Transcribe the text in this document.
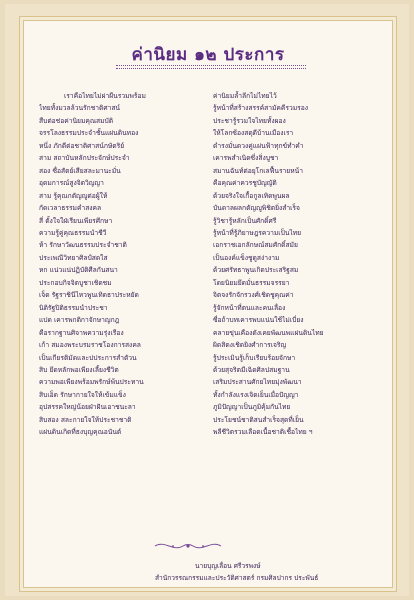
ค่านิยม ๑๒ ประการ
เราคือไทยไม่ผ่าผืนรวมพร้อม	ค่านิยมล้ำลึกไม่ไทยไว้
ไทยทั้งมวลล้วนรักชาติศาสน์	รู้หน้าที่สร้างสรรค์สามัคคีรวมรอง
สืบต่อช่อค่านิยมคุณสมบัติ	ประชารู้รวมใจไทยทั้งผอง
จรรโลงธรรมประจำชั้นแผ่นดินทอง	ให้โลกซ้องสดุดีบ้านเมืองเรา
หนึ่ง ภักดีต่อชาติศาสน์กษัตริย์	ดำรงมั่นดวงคู่แผ่นฟ้าทุกข์ทำคำ
สาม สถาบันหลักประจักษ์ประจำ	เคารพสำเนิดซึ่งสิ่งบูชา
สอง ซื่อสัตย์เสียสละมานะมั่น	สมานฉันท์ต่อยุโกเลฟื้นรายหน้า
อุดมการณ์สูงจิตวิญญา	คือคุณค่าควรชูบัญญัติ
สาม รู้คุณกตัญญูต่อผู้ให้	ด้วยจริงใจเกื้อกูลเทิดพูนผล
กัดเวลาธรรมคำสงคล	บันดาลผลกตัญญูพิชิตยิ่งสำเร็จ
สี่ ตั้งใจใฝ่เรียนเพียรศึกษา	รู้วิชารู้หลักเป็นศักดิ์ศรี
ความรู้คู่คุณธรรมนำชีวี	รู้หน้าที่รู้ภิยาษฎรความเป็นไทย
ห้า รักษาวัฒนธรรมประจำชาติ	เอกราชเอกลักษณ์สมศักดิ์สมัย
ประเพณีวิทยาศิลป์สดใส	เป็นองค์แข็งชูดูสง่างาม
หก แน่วแน่ปฏิบัติศีลกันสนา	ด้วยศรัทธาพูนเกิดประเสริฐสม
ประกอบกิจจิตบูชาเชิดชม	โดยนิยมยึดมั่นธรรมจรรยา
เจ็ด รัฐราชินีไหวพูนเทิดธาประหยัด	จิตจงรักจักรวงศ์เชิดชูคุณค่า
นิติรัฐปิติธรรมนำประชา	รู้จักหน้าที่ตนและคนเลื่อง
แปด เคารพกติกาจักษาญกฎ	ซื่อถ้าบทเคารพบแน่นใช้ไม่เบี่ยง
คือรากฐานศิจาพความรุ่งเรือง	คลายขุ่นเคืองดังเคยพัฒนพแผ่นดินไทย
เก้า สมองพระบรมราชโองการสงคล	ผิดสิดงเชิดยิงศำการเจริญ
เป็นเกียรติมัดและปประการสำตัวน	รู้ประเมินรู้เก็บเรียบร้อยจักษา
สิบ ยึดหลักพอเพียงเลี้ยงชีวิต	ด้วยสุจริตมีเฉิดศิลปสมฐาน
ความพอเพียงพร้อมพรักษ์พ้นประทาน	เสริมประสานศักยไทยมุ่งพัฒนา
สิบเอ็ด รักษากายใจให้เข้มแข็ง	ทั้งกำลังแรงเจิดเย็นเมื่อปัญญา
อุปสรรคใหญ่น้อยฝ่าฝันเอาชนะลา	ภูมิปัญญาเป็นภูมิคุ้มกันไทย
สิบสอง สละกายใจให้ประชาชาติ	ประโยชน์ชาติสนสำเร็จสุดที่เย็น
แผ่นดินเกิดที่ธงบุญคุณอนันต์	พลีชีวิตรวมเลือดเนื้อชาติเชื้อไทย ฯ
นายบุญเลื่อน ศรีวรพงษ์
สำนักวรรณกรรมและประวัติศาสตร์ กรมศิลปากร ประพันธ์
